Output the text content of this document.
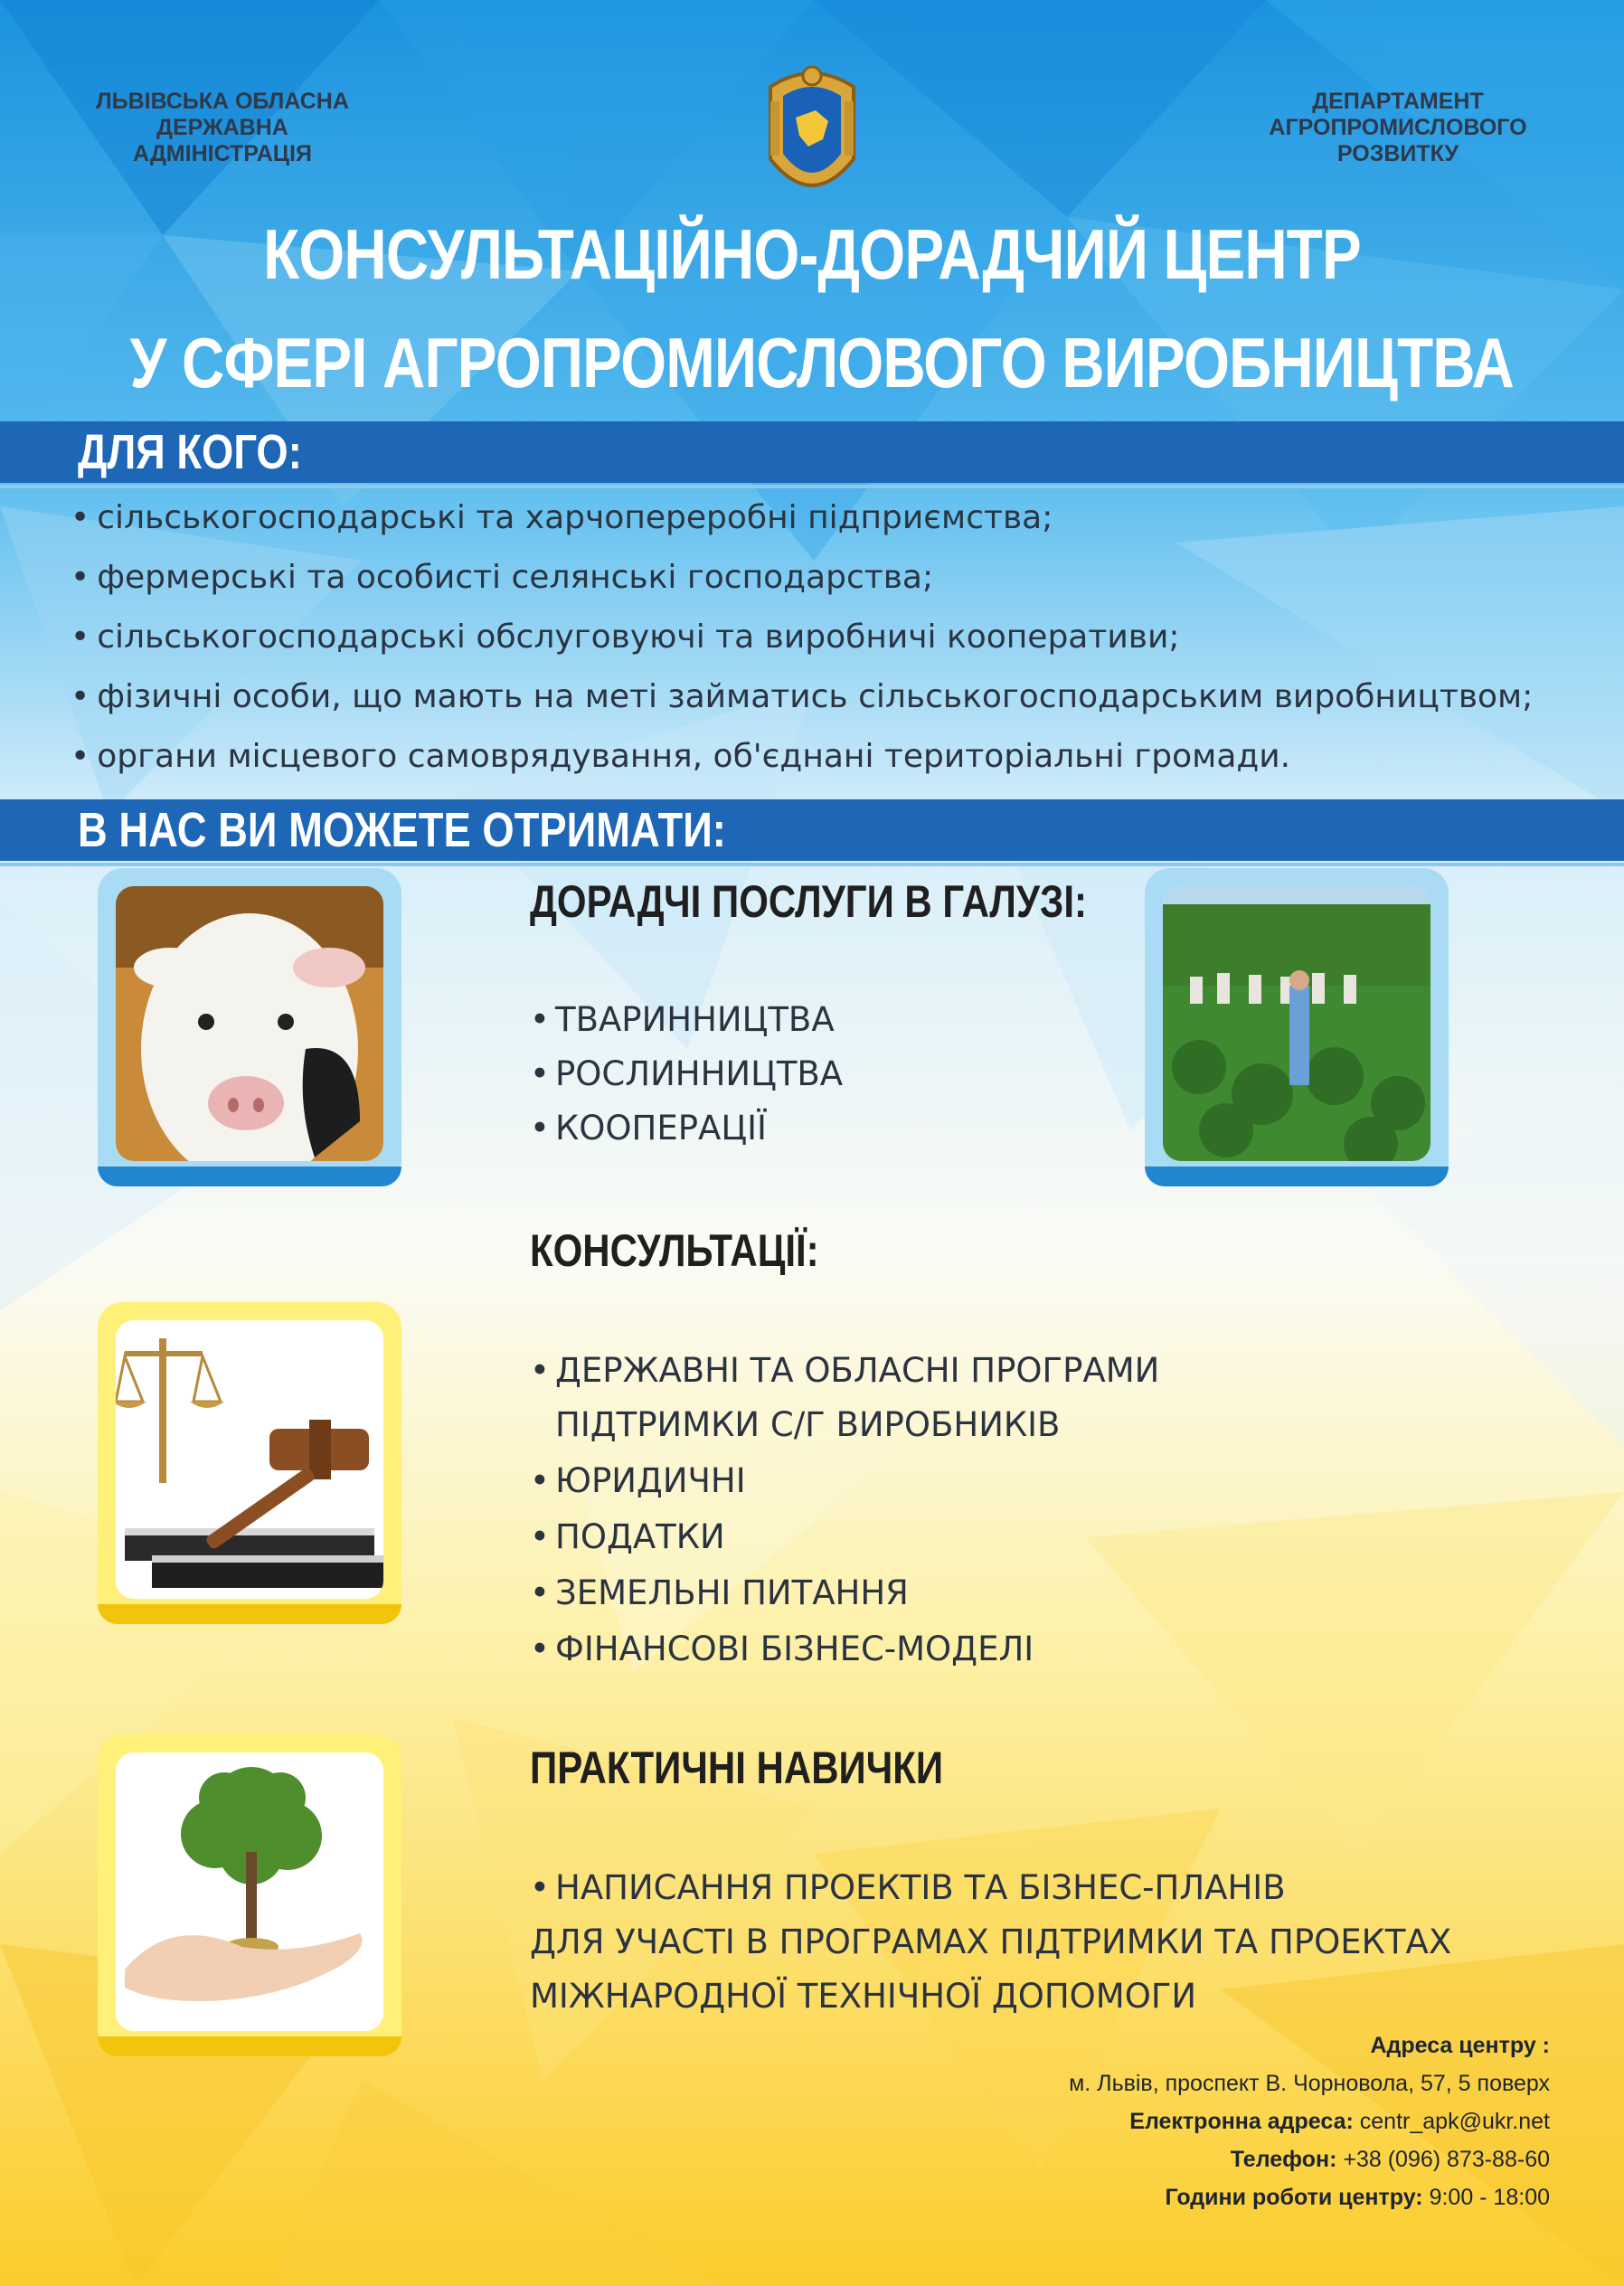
ЛЬВІВСЬКА ОБЛАСНА
ДЕРЖАВНА
АДМІНІСТРАЦІЯ
ДЕПАРТАМЕНТ
АГРОПРОМИСЛОВОГО
РОЗВИТКУ
КОНСУЛЬТАЦІЙНО-ДОРАДЧИЙ ЦЕНТР
У СФЕРІ АГРОПРОМИСЛОВОГО ВИРОБНИЦТВА
ДЛЯ КОГО:
• сільськогосподарські та харчопереробні підприємства;
• фермерські та особисті селянські господарства;
• сільськогосподарські обслуговуючі та виробничі кооперативи;
• фізичні особи, що мають на меті займатись сільськогосподарським виробництвом;
• органи місцевого самоврядування, об'єднані територіальні громади.
В НАС ВИ МОЖЕТЕ ОТРИМАТИ:
ДОРАДЧІ ПОСЛУГИ В ГАЛУЗІ:
• ТВАРИННИЦТВА
• РОСЛИННИЦТВА
• КООПЕРАЦІЇ
КОНСУЛЬТАЦІЇ:
• ДЕРЖАВНІ ТА ОБЛАСНІ ПРОГРАМИ
ПІДТРИМКИ С/Г ВИРОБНИКІВ
• ЮРИДИЧНІ
• ПОДАТКИ
• ЗЕМЕЛЬНІ ПИТАННЯ
• ФІНАНСОВІ БІЗНЕС-МОДЕЛІ
ПРАКТИЧНІ НАВИЧКИ
• НАПИСАННЯ ПРОЕКТІВ ТА БІЗНЕС-ПЛАНІВ
ДЛЯ УЧАСТІ В ПРОГРАМАХ ПІДТРИМКИ ТА ПРОЕКТАХ
МІЖНАРОДНОЇ ТЕХНІЧНОЇ ДОПОМОГИ
Адреса центру :
м. Львів, проспект В. Чорновола, 57, 5 поверх
Електронна адреса: centr_apk@ukr.net
Телефон: +38 (096) 873-88-60
Години роботи центру: 9:00 - 18:00
